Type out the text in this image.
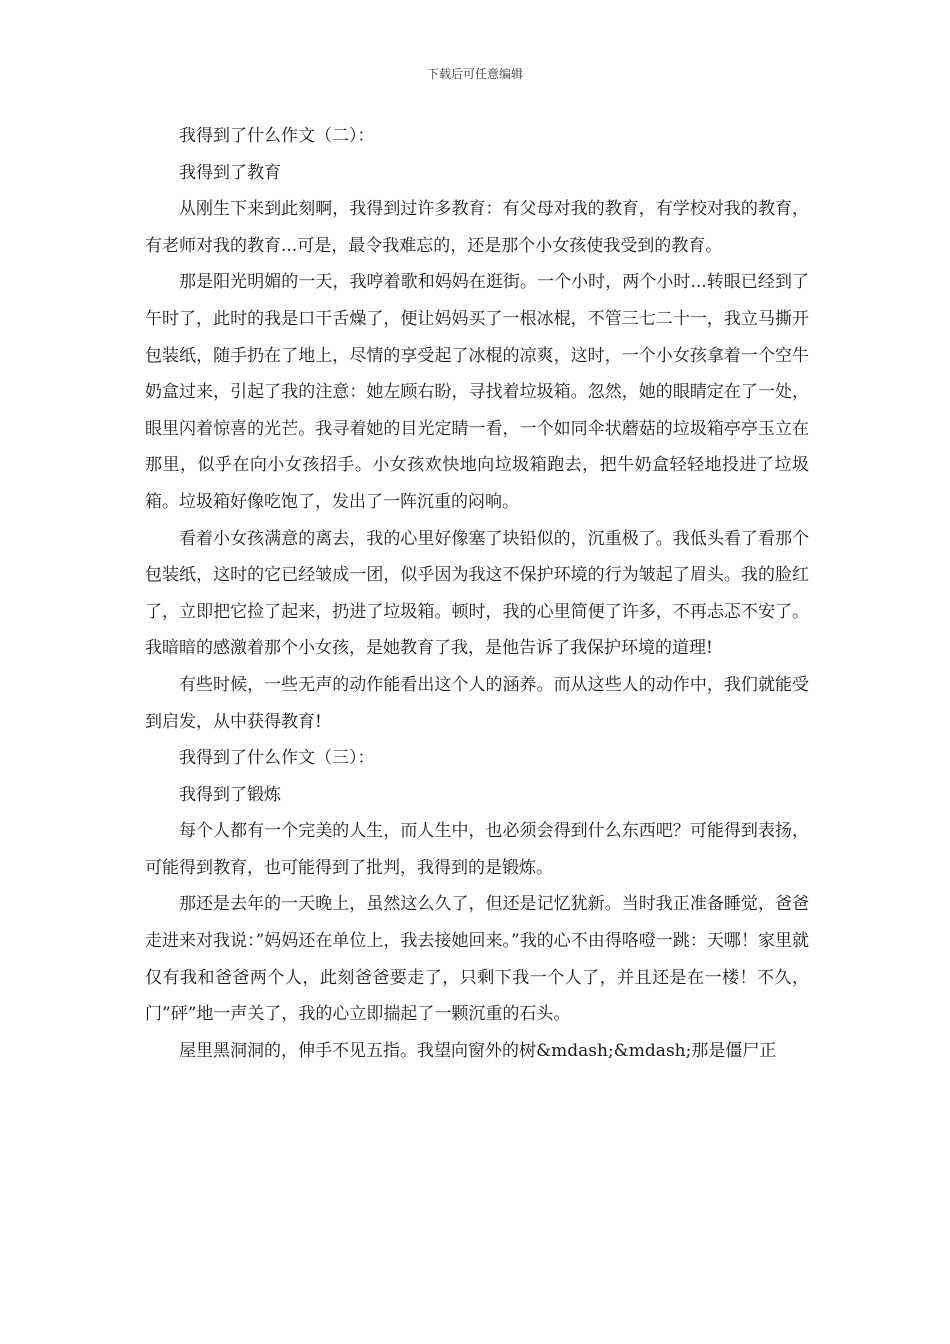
下载后可任意编辑

我得到了什么作文（二）：

我得到了教育

从刚生下来到此刻啊，我得到过许多教育：有父母对我的教育，有学校对我的教育，有老师对我的教育...可是，最令我难忘的，还是那个小女孩使我受到的教育。

那是阳光明媚的一天，我哼着歌和妈妈在逛街。一个小时，两个小时...转眼已经到了午时了，此时的我是口干舌燥了，便让妈妈买了一根冰棍，不管三七二十一，我立马撕开包装纸，随手扔在了地上，尽情的享受起了冰棍的凉爽，这时，一个小女孩拿着一个空牛奶盒过来，引起了我的注意：她左顾右盼，寻找着垃圾箱。忽然，她的眼睛定在了一处，眼里闪着惊喜的光芒。我寻着她的目光定睛一看，一个如同伞状蘑菇的垃圾箱亭亭玉立在那里，似乎在向小女孩招手。小女孩欢快地向垃圾箱跑去，把牛奶盒轻轻地投进了垃圾箱。垃圾箱好像吃饱了，发出了一阵沉重的闷响。

看着小女孩满意的离去，我的心里好像塞了块铅似的，沉重极了。我低头看了看那个包装纸，这时的它已经皱成一团，似乎因为我这不保护环境的行为皱起了眉头。我的脸红了，立即把它捡了起来，扔进了垃圾箱。顿时，我的心里简便了许多，不再忐忑不安了。我暗暗的感激着那个小女孩，是她教育了我，是他告诉了我保护环境的道理!

有些时候，一些无声的动作能看出这个人的涵养。而从这些人的动作中，我们就能受到启发，从中获得教育!

我得到了什么作文（三）：

我得到了锻炼

每个人都有一个完美的人生，而人生中，也必须会得到什么东西吧？可能得到表扬，可能得到教育，也可能得到了批判，我得到的是锻炼。

那还是去年的一天晚上，虽然这么久了，但还是记忆犹新。当时我正准备睡觉，爸爸走进来对我说：”妈妈还在单位上，我去接她回来。”我的心不由得咯噔一跳：天哪！家里就仅有我和爸爸两个人，此刻爸爸要走了，只剩下我一个人了，并且还是在一楼！不久，门”砰”地一声关了，我的心立即揣起了一颗沉重的石头。

屋里黑洞洞的，伸手不见五指。我望向窗外的树&mdash;&mdash;那是僵尸正
